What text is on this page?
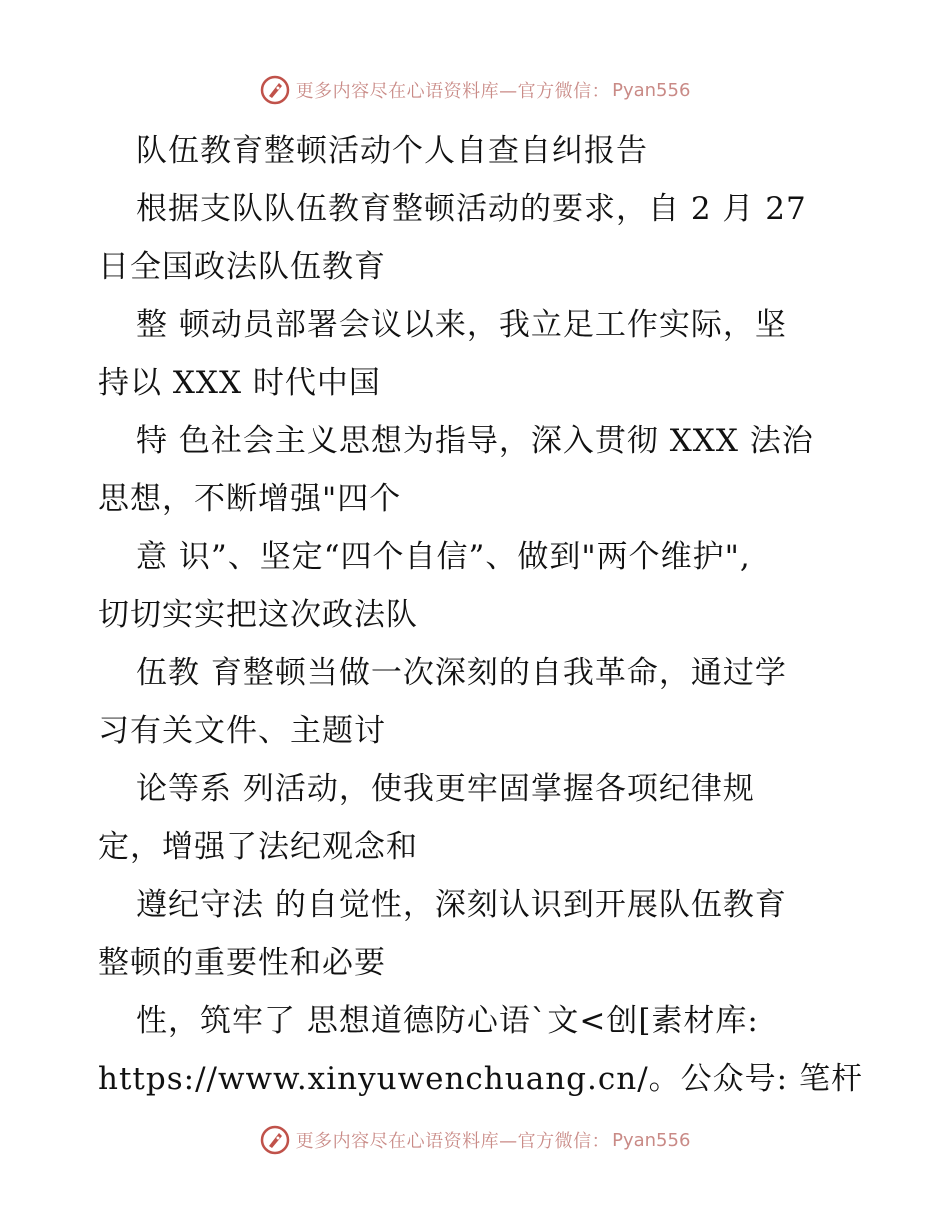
更多内容尽在心语资料库—官方微信： Pyan556
队伍教育整顿活动个人自查自纠报告
根据支队队伍教育整顿活动的要求，自 2 月 27
日全国政法队伍教育
整 顿动员部署会议以来，我立足工作实际，坚
持以 XXX 时代中国
特 色社会主义思想为指导，深入贯彻 XXX 法治
思想，不断增强"四个
意 识”、坚定“四个自信”、做到"两个维护",
切切实实把这次政法队
伍教 育整顿当做一次深刻的自我革命，通过学
习有关文件、主题讨
论等系 列活动，使我更牢固掌握各项纪律规
定，增强了法纪观念和
遵纪守法 的自觉性，深刻认识到开展队伍教育
整顿的重要性和必要
性，筑牢了 思想道德防心语`文<创[素材库:
https://www.xinyuwenchuang.cn/。公众号: 笔杆
更多内容尽在心语资料库—官方微信： Pyan556
